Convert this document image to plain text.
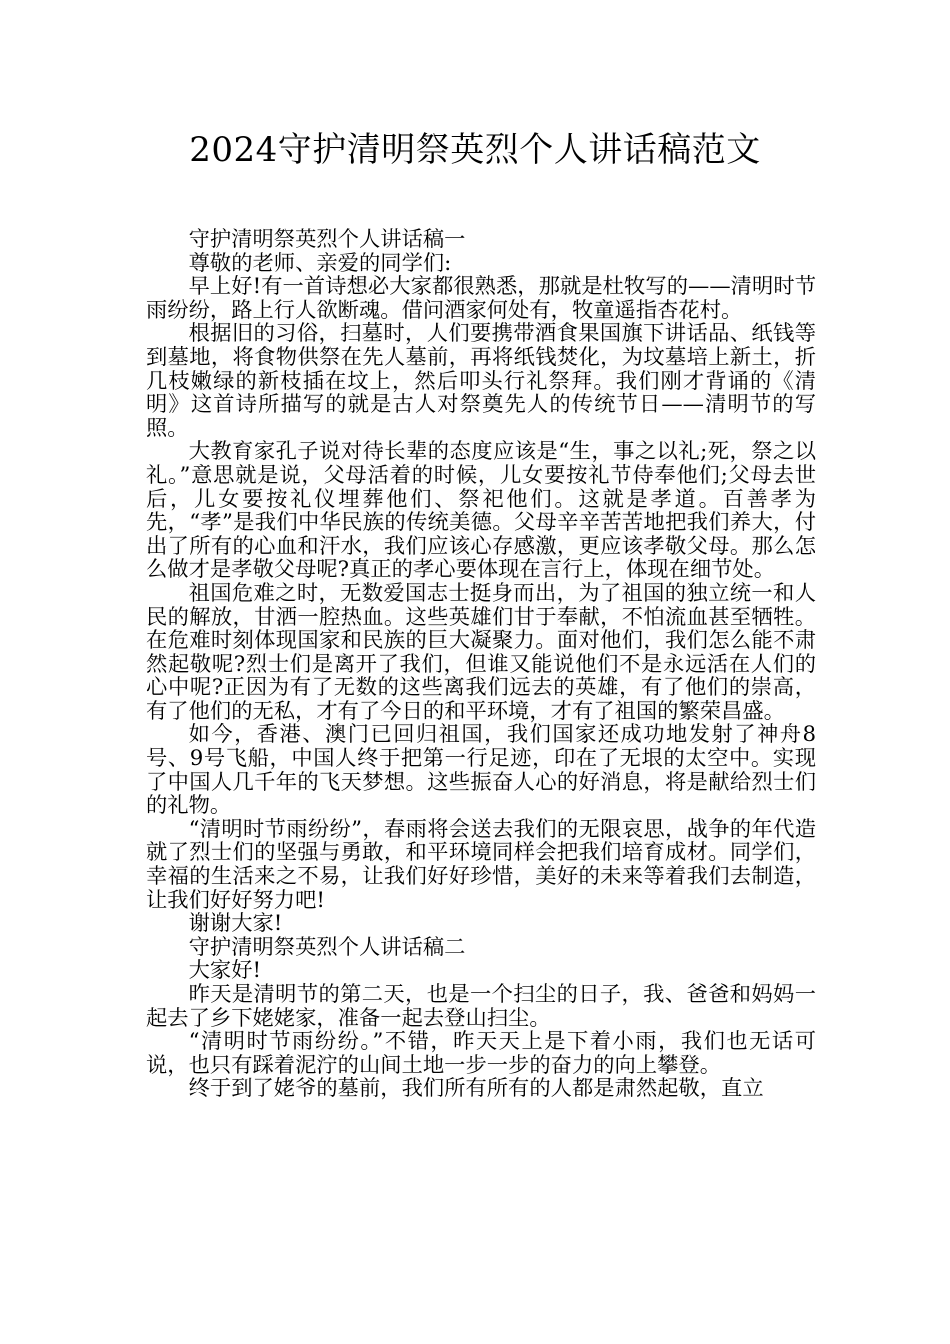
2024守护清明祭英烈个人讲话稿范文

守护清明祭英烈个人讲话稿一

尊敬的老师、亲爱的同学们:

早上好!有一首诗想必大家都很熟悉，那就是杜牧写的——清明时节雨纷纷，路上行人欲断魂。借问酒家何处有，牧童遥指杏花村。

根据旧的习俗，扫墓时，人们要携带酒食果国旗下讲话品、纸钱等到墓地，将食物供祭在先人墓前，再将纸钱焚化，为坟墓培上新土，折几枝嫩绿的新枝插在坟上，然后叩头行礼祭拜。我们刚才背诵的《清明》这首诗所描写的就是古人对祭奠先人的传统节日——清明节的写照。

大教育家孔子说对待长辈的态度应该是“生，事之以礼;死，祭之以礼。”意思就是说，父母活着的时候，儿女要按礼节侍奉他们;父母去世后，儿女要按礼仪埋葬他们、祭祀他们。这就是孝道。百善孝为先，“孝”是我们中华民族的传统美德。父母辛辛苦苦地把我们养大，付出了所有的心血和汗水，我们应该心存感激，更应该孝敬父母。那么怎么做才是孝敬父母呢?真正的孝心要体现在言行上，体现在细节处。

祖国危难之时，无数爱国志士挺身而出，为了祖国的独立统一和人民的解放，甘洒一腔热血。这些英雄们甘于奉献，不怕流血甚至牺牲。在危难时刻体现国家和民族的巨大凝聚力。面对他们，我们怎么能不肃然起敬呢?烈士们是离开了我们，但谁又能说他们不是永远活在人们的心中呢?正因为有了无数的这些离我们远去的英雄，有了他们的崇高，有了他们的无私，才有了今日的和平环境，才有了祖国的繁荣昌盛。

如今，香港、澳门已回归祖国，我们国家还成功地发射了神舟8号、9号飞船，中国人终于把第一行足迹，印在了无垠的太空中。实现了中国人几千年的飞天梦想。这些振奋人心的好消息，将是献给烈士们的礼物。

“清明时节雨纷纷”，春雨将会送去我们的无限哀思，战争的年代造就了烈士们的坚强与勇敢，和平环境同样会把我们培育成材。同学们，幸福的生活来之不易，让我们好好珍惜，美好的未来等着我们去制造，让我们好好努力吧!

谢谢大家!

守护清明祭英烈个人讲话稿二

大家好!

昨天是清明节的第二天，也是一个扫尘的日子，我、爸爸和妈妈一起去了乡下姥姥家，准备一起去登山扫尘。

“清明时节雨纷纷。”不错，昨天天上是下着小雨，我们也无话可说，也只有踩着泥泞的山间土地一步一步的奋力的向上攀登。

终于到了姥爷的墓前，我们所有所有的人都是肃然起敬，直立
